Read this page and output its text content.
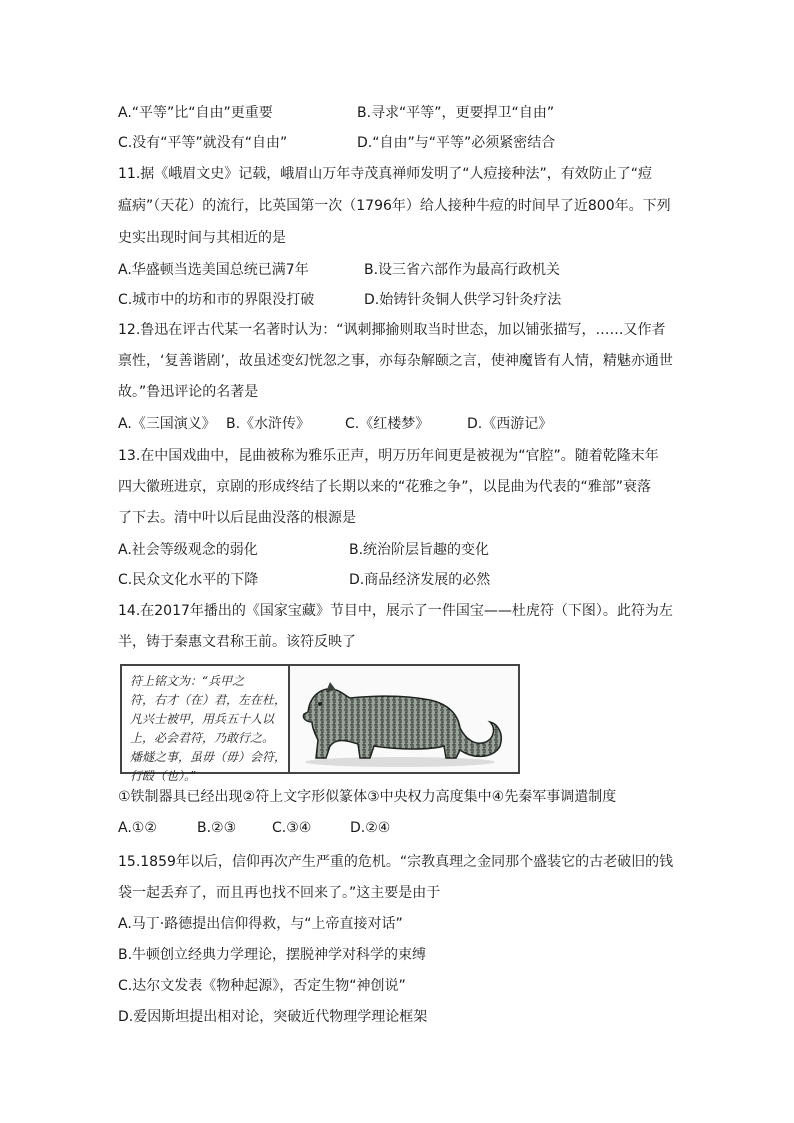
A.“平等”比“自由”更重要	B.寻求“平等”，更要捍卫“自由”
C.没有“平等”就没有“自由”	D.“自由”与“平等”必须紧密结合
11.据《峨眉文史》记载，峨眉山万年寺茂真禅师发明了“人痘接种法”，有效防止了“痘
瘟病”（天花）的流行，比英国第一次（1796年）给人接种牛痘的时间早了近800年。下列
史实出现时间与其相近的是
A.华盛顿当选美国总统已满7年	B.设三省六部作为最高行政机关
C.城市中的坊和市的界限没打破	D.始铸针灸铜人供学习针灸疗法
12.鲁迅在评古代某一名著时认为：“讽刺揶揄则取当时世态，加以铺张描写，……又作者
禀性，‘复善谐剧’，故虽述变幻恍忽之事，亦每杂解颐之言，使神魔皆有人情，精魅亦通世
故。”鲁迅评论的名著是
A.《三国演义》 B.《水浒传》 C.《红楼梦》	D.《西游记》
13.在中国戏曲中，昆曲被称为雅乐正声，明万历年间更是被视为“官腔”。随着乾隆末年
四大徽班进京，京剧的形成终结了长期以来的“花雅之争”，以昆曲为代表的“雅部”衰落
了下去。清中叶以后昆曲没落的根源是
A.社会等级观念的弱化	B.统治阶层旨趣的变化
C.民众文化水平的下降	D.商品经济发展的必然
14.在2017年播出的《国家宝藏》节目中，展示了一件国宝——杜虎符（下图）。此符为左
半，铸于秦惠文君称王前。该符反映了
符上铭文为：“兵甲之
符，右才（在）君，左在杜，
凡兴士被甲，用兵五十人以
上，必会君符，乃敢行之。
燔燧之事，虽毋（毋）会符，
行殹（也）。”
①铁制器具已经出现②符上文字形似篆体③中央权力高度集中④先秦军事调遣制度
A.①②	B.②③	C.③④	D.②④
15.1859年以后，信仰再次产生严重的危机。“宗教真理之金同那个盛装它的古老破旧的钱
袋一起丢弃了，而且再也找不回来了。”这主要是由于
A.马丁·路德提出信仰得救，与“上帝直接对话”
B.牛顿创立经典力学理论，摆脱神学对科学的束缚
C.达尔文发表《物种起源》，否定生物“神创说”
D.爱因斯坦提出相对论，突破近代物理学理论框架
